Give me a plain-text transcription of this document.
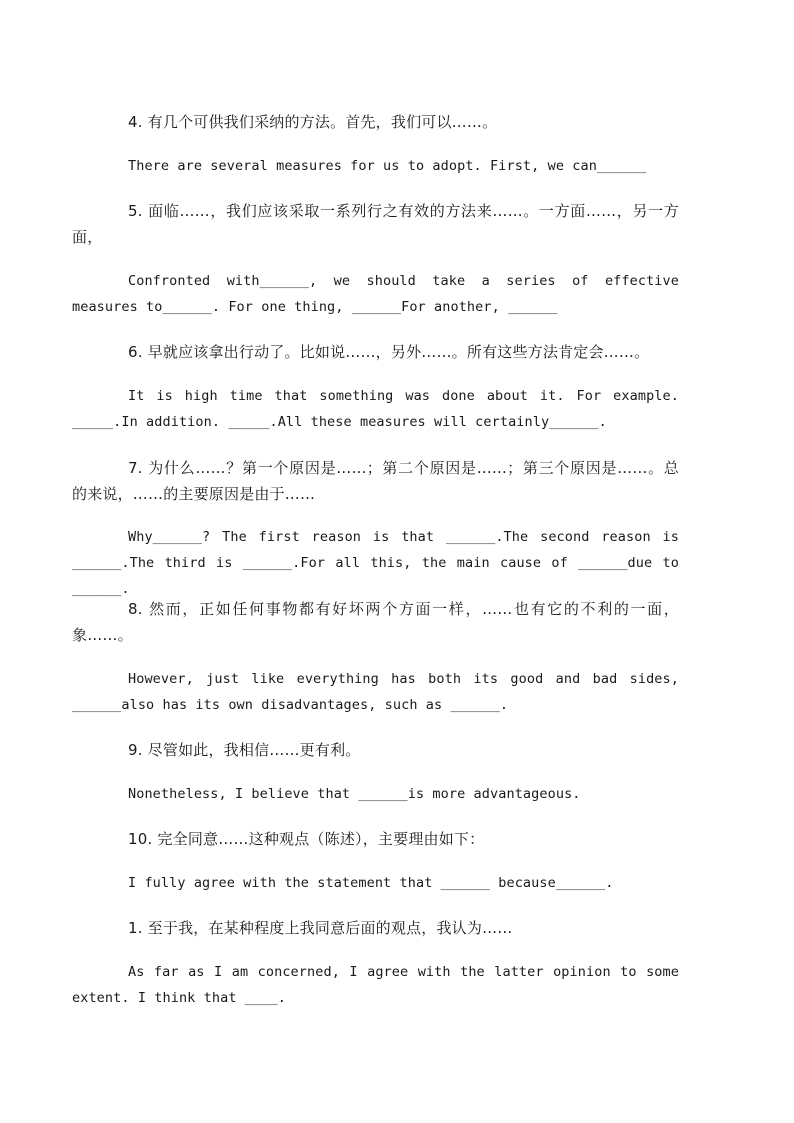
4. 有几个可供我们采纳的方法。首先，我们可以……。

There are several measures for us to adopt. First, we can______

5. 面临……，我们应该采取一系列行之有效的方法来……。一方面……，另一方面，

Confronted with______, we should take a series of effective measures to______. For one thing, ______For another, ______

6. 早就应该拿出行动了。比如说……，另外……。所有这些方法肯定会……。

It is high time that something was done about it. For example. _____.In addition. _____.All these measures will certainly______.

7. 为什么……？第一个原因是……；第二个原因是……；第三个原因是……。总的来说，……的主要原因是由于……

Why______? The first reason is that ______.The second reason is ______.The third is ______.For all this, the main cause of ______due to ______.

8. 然而，正如任何事物都有好坏两个方面一样，……也有它的不利的一面，象……。

However, just like everything has both its good and bad sides, ______also has its own disadvantages, such as ______.

9. 尽管如此，我相信……更有利。

Nonetheless, I believe that ______is more advantageous.

10. 完全同意……这种观点（陈述），主要理由如下：

I fully agree with the statement that ______ because______.

1. 至于我，在某种程度上我同意后面的观点，我认为……

As far as I am concerned, I agree with the latter opinion to some extent. I think that ____.
